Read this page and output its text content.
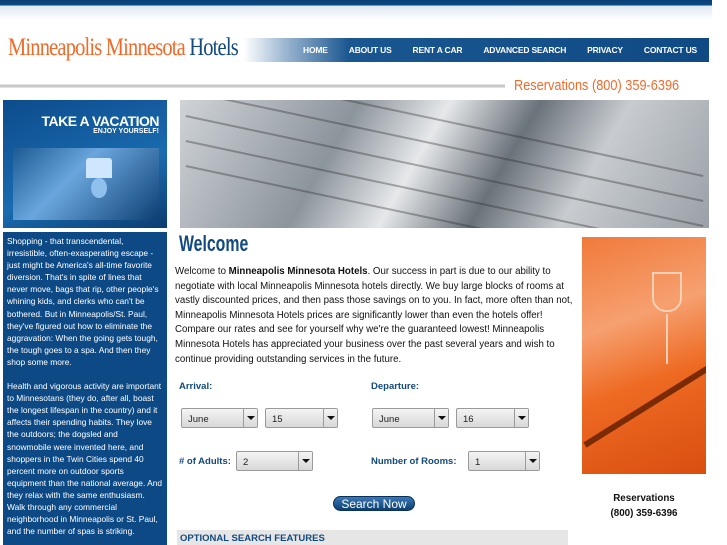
Minneapolis Minnesota Hotels	HOME ABOUT US RENT A CAR ADVANCED SEARCH PRIVACY CONTACT US
Reservations (800) 359-6396
TAKE A VACATION
ENJOY YOURSELF!

Shopping - that transcendental, irresistible, often-exasperating escape - just might be America's all-time favorite diversion. That's in spite of lines that never move, bags that rip, other people's whining kids, and clerks who can't be bothered. But in Minneapolis/St. Paul, they've figured out how to eliminate the aggravation: When the going gets tough, the tough goes to a spa. And then they shop some more.

Health and vigorous activity are important to Minnesotans (they do, after all, boast the longest lifespan in the country) and it affects their spending habits. They love the outdoors; the dogsled and snowmobile were invented here, and shoppers in the Twin Cities spend 40 percent more on outdoor sports equipment than the national average. And they relax with the same enthusiasm. Walk through any commercial neighborhood in Minneapolis or St. Paul, and the number of spas is striking.

Welcome
Welcome to Minneapolis Minnesota Hotels. Our success in part is due to our ability to negotiate with local Minneapolis Minnesota hotels directly. We buy large blocks of rooms at vastly discounted prices, and then pass those savings on to you. In fact, more often than not, Minneapolis Minnesota Hotels prices are significantly lower than even the hotels offer! Compare our rates and see for yourself why we're the guaranteed lowest! Minneapolis Minnesota Hotels has appreciated your business over the past several years and wish to continue providing outstanding services in the future.
Arrival:	Departure:
June	15	June	16
# of Adults:	2	Number of Rooms:	1
Search Now
OPTIONAL SEARCH FEATURES
Reservations
(800) 359-6396
